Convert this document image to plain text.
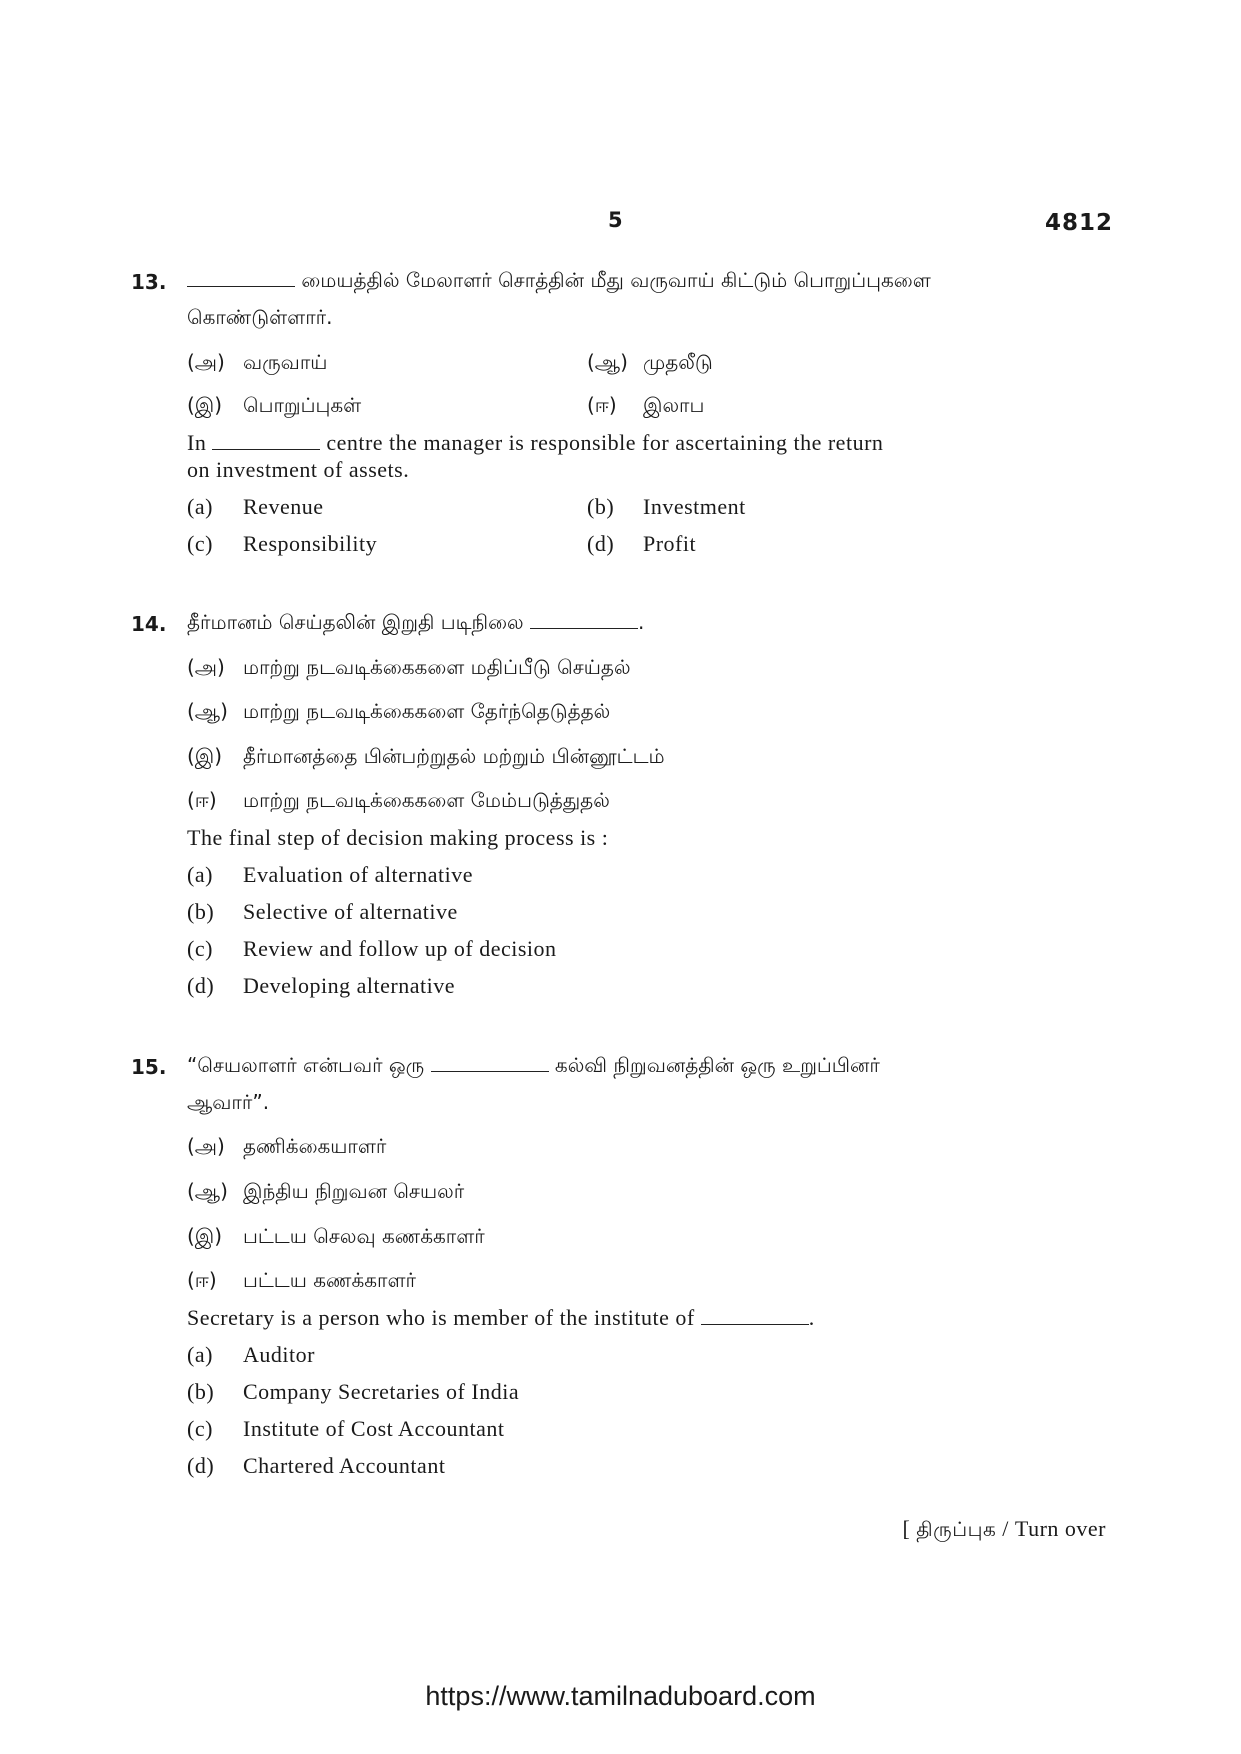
5	4812
13.	மையத்தில் மேலாளர் சொத்தின் மீது வருவாய் கிட்டும் பொறுப்புகளை
கொண்டுள்ளார்.
(அ) வருவாய்	(ஆ) முதலீடு
(இ) பொறுப்புகள்	(ஈ) இலாப
In	centre the manager is responsible for ascertaining the return
on investment of assets.
(a) Revenue	(b) Investment
(c) Responsibility	(d) Profit
14. தீர்மானம் செய்தலின் இறுதி படிநிலை	.
(அ) மாற்று நடவடிக்கைகளை மதிப்பீடு செய்தல்
(ஆ) மாற்று நடவடிக்கைகளை தேர்ந்தெடுத்தல்
(இ) தீர்மானத்தை பின்பற்றுதல் மற்றும் பின்னூட்டம்
(ஈ) மாற்று நடவடிக்கைகளை மேம்படுத்துதல்
The final step of decision making process is :
(a) Evaluation of alternative
(b) Selective of alternative
(c) Review and follow up of decision
(d) Developing alternative
15. “செயலாளர் என்பவர் ஒரு	கல்வி நிறுவனத்தின் ஒரு உறுப்பினர்
ஆவார்”.
(அ) தணிக்கையாளர்
(ஆ) இந்திய நிறுவன செயலர்
(இ) பட்டய செலவு கணக்காளர்
(ஈ) பட்டய கணக்காளர்
Secretary is a person who is member of the institute of	.
(a) Auditor
(b) Company Secretaries of India
(c) Institute of Cost Accountant
(d) Chartered Accountant
[ திருப்புக / Turn over
https://www.tamilnaduboard.com
